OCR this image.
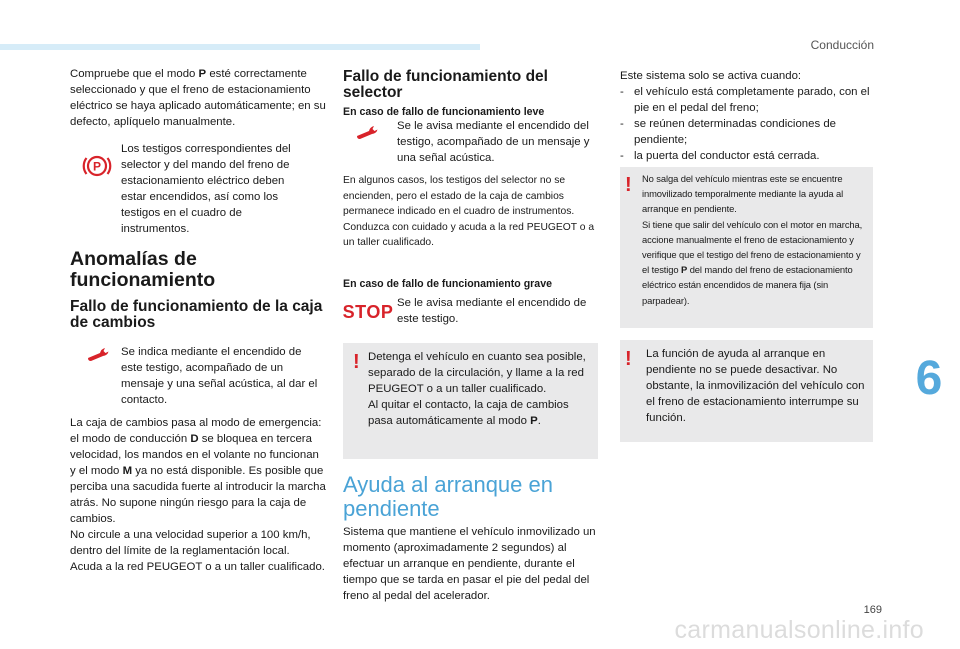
Conducción

Compruebe que el modo P esté correctamente seleccionado y que el freno de estacionamiento eléctrico se haya aplicado automáticamente; en su defecto, aplíquelo manualmente.

P

Los testigos correspondientes del selector y del mando del freno de estacionamiento eléctrico deben estar encendidos, así como los testigos en el cuadro de instrumentos.

Anomalías de funcionamiento

Fallo de funcionamiento de la caja de cambios

Se indica mediante el encendido de este testigo, acompañado de un mensaje y una señal acústica, al dar el contacto.

La caja de cambios pasa al modo de emergencia: el modo de conducción D se bloquea en tercera velocidad, los mandos en el volante no funcionan y el modo M ya no está disponible. Es posible que perciba una sacudida fuerte al introducir la marcha atrás. No supone ningún riesgo para la caja de cambios.

No circule a una velocidad superior a 100 km/h, dentro del límite de la reglamentación local.

Acuda a la red PEUGEOT o a un taller cualificado.

Fallo de funcionamiento del selector

En caso de fallo de funcionamiento leve

Se le avisa mediante el encendido del testigo, acompañado de un mensaje y una señal acústica.

En algunos casos, los testigos del selector no se encienden, pero el estado de la caja de cambios permanece indicado en el cuadro de instrumentos. Conduzca con cuidado y acuda a la red PEUGEOT o a un taller cualificado.

En caso de fallo de funcionamiento grave

STOP Se le avisa mediante el encendido de este testigo.

! Detenga el vehículo en cuanto sea posible, separado de la circulación, y llame a la red PEUGEOT o a un taller cualificado.

Al quitar el contacto, la caja de cambios pasa automáticamente al modo P.

Ayuda al arranque en pendiente

Sistema que mantiene el vehículo inmovilizado un momento (aproximadamente 2 segundos) al efectuar un arranque en pendiente, durante el tiempo que se tarda en pasar el pie del pedal del freno al pedal del acelerador.

Este sistema solo se activa cuando:

- el vehículo está completamente parado, con el pie en el pedal del freno;
- se reúnen determinadas condiciones de pendiente;
- la puerta del conductor está cerrada.
! No salga del vehículo mientras este se encuentre inmovilizado temporalmente mediante la ayuda al arranque en pendiente.

Si tiene que salir del vehículo con el motor en marcha, accione manualmente el freno de estacionamiento y verifique que el testigo del freno de estacionamiento y el testigo P del mando del freno de estacionamiento eléctrico están encendidos de manera fija (sin parpadear).

! La función de ayuda al arranque en pendiente no se puede desactivar. No obstante, la inmovilización del vehículo con el freno de estacionamiento interrumpe su función.

6
169
carmanualsonline.info
